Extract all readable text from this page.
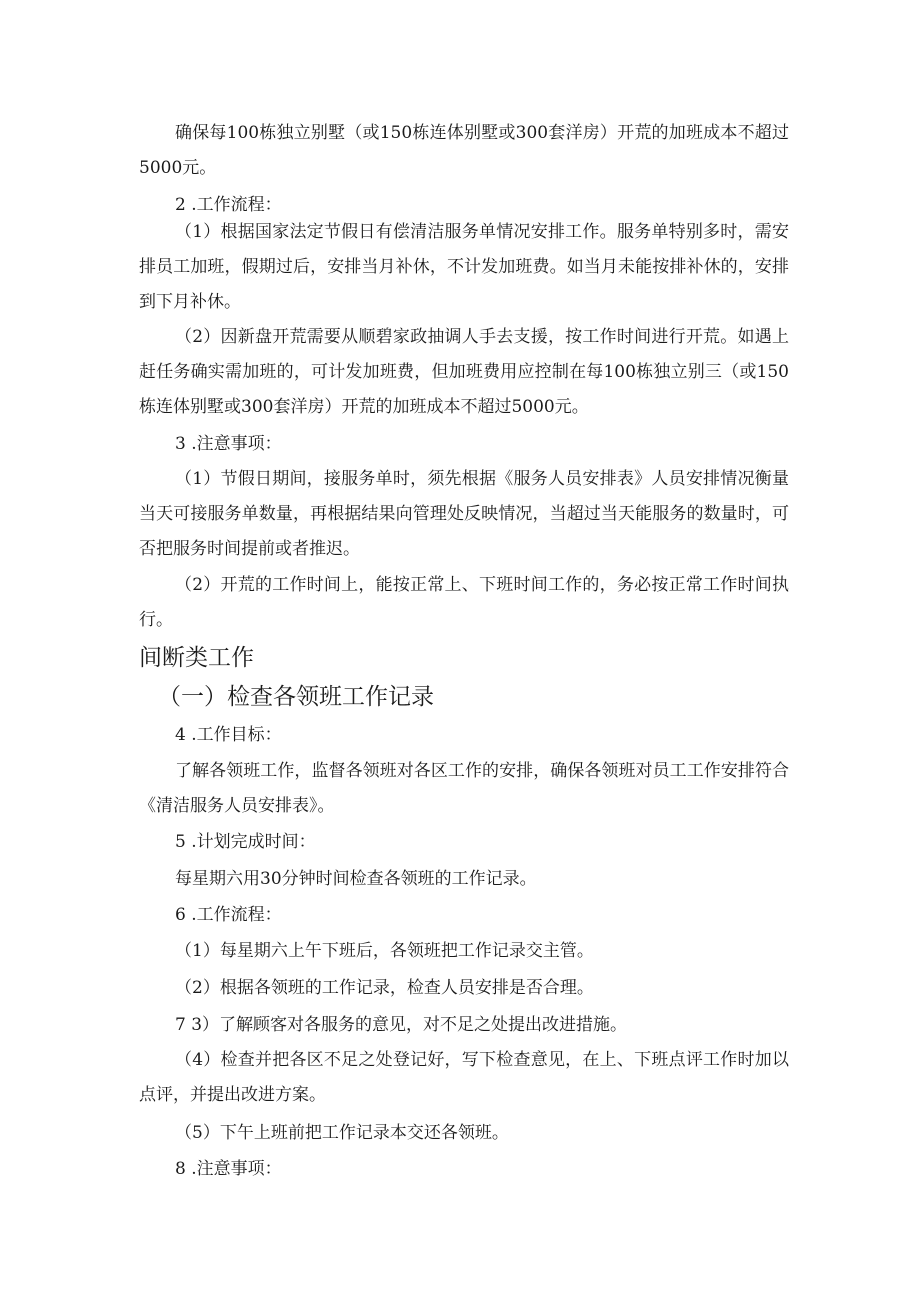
确保每100栋独立别墅（或150栋连体别墅或300套洋房）开荒的加班成本不超过5000元。

2 .工作流程：

（1）根据国家法定节假日有偿清洁服务单情况安排工作。服务单特别多时，需安排员工加班，假期过后，安排当月补休，不计发加班费。如当月未能按排补休的，安排到下月补休。

（2）因新盘开荒需要从顺碧家政抽调人手去支援，按工作时间进行开荒。如遇上赶任务确实需加班的，可计发加班费，但加班费用应控制在每100栋独立别三（或150栋连体别墅或300套洋房）开荒的加班成本不超过5000元。

3 .注意事项：

（1）节假日期间，接服务单时，须先根据《服务人员安排表》人员安排情况衡量当天可接服务单数量，再根据结果向管理处反映情况，当超过当天能服务的数量时，可否把服务时间提前或者推迟。

（2）开荒的工作时间上，能按正常上、下班时间工作的，务必按正常工作时间执行。

间断类工作
（一）检查各领班工作记录

4 .工作目标：

了解各领班工作，监督各领班对各区工作的安排，确保各领班对员工工作安排符合《清洁服务人员安排表》。

5 .计划完成时间：

每星期六用30分钟时间检查各领班的工作记录。

6 .工作流程：

（1）每星期六上午下班后，各领班把工作记录交主管。

（2）根据各领班的工作记录，检查人员安排是否合理。

7 3）了解顾客对各服务的意见，对不足之处提出改进措施。

（4）检查并把各区不足之处登记好，写下检查意见，在上、下班点评工作时加以点评，并提出改进方案。

（5）下午上班前把工作记录本交还各领班。

8 .注意事项：
